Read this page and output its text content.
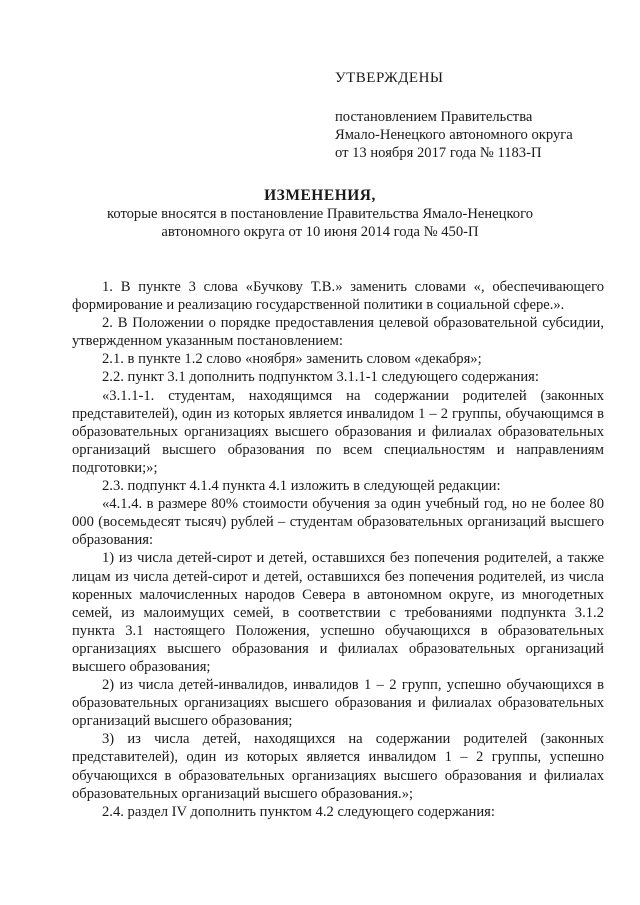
УТВЕРЖДЕНЫ
постановлением Правительства
Ямало-Ненецкого автономного округа
от 13 ноября 2017 года № 1183-П
ИЗМЕНЕНИЯ,
которые вносятся в постановление Правительства Ямало-Ненецкого автономного округа от 10 июня 2014 года № 450-П

1. В пункте 3 слова «Бучкову Т.В.» заменить словами «, обеспечивающего формирование и реализацию государственной политики в социальной сфере.».

2. В Положении о порядке предоставления целевой образовательной субсидии, утвержденном указанным постановлением:

2.1. в пункте 1.2 слово «ноября» заменить словом «декабря»;

2.2. пункт 3.1 дополнить подпунктом 3.1.1-1 следующего содержания:

«3.1.1-1. студентам, находящимся на содержании родителей (законных представителей), один из которых является инвалидом 1 – 2 группы, обучающимся в образовательных организациях высшего образования и филиалах образовательных организаций высшего образования по всем специальностям и направлениям подготовки;»;

2.3. подпункт 4.1.4 пункта 4.1 изложить в следующей редакции:

«4.1.4. в размере 80% стоимости обучения за один учебный год, но не более 80 000 (восемьдесят тысяч) рублей – студентам образовательных организаций высшего образования:

1) из числа детей-сирот и детей, оставшихся без попечения родителей, а также лицам из числа детей-сирот и детей, оставшихся без попечения родителей, из числа коренных малочисленных народов Севера в автономном округе, из многодетных семей, из малоимущих семей, в соответствии с требованиями подпункта 3.1.2 пункта 3.1 настоящего Положения, успешно обучающихся в образовательных организациях высшего образования и филиалах образовательных организаций высшего образования;

2) из числа детей-инвалидов, инвалидов 1 – 2 групп, успешно обучающихся в образовательных организациях высшего образования и филиалах образовательных организаций высшего образования;

3) из числа детей, находящихся на содержании родителей (законных представителей), один из которых является инвалидом 1 – 2 группы, успешно обучающихся в образовательных организациях высшего образования и филиалах образовательных организаций высшего образования.»;

2.4. раздел IV дополнить пунктом 4.2 следующего содержания:
